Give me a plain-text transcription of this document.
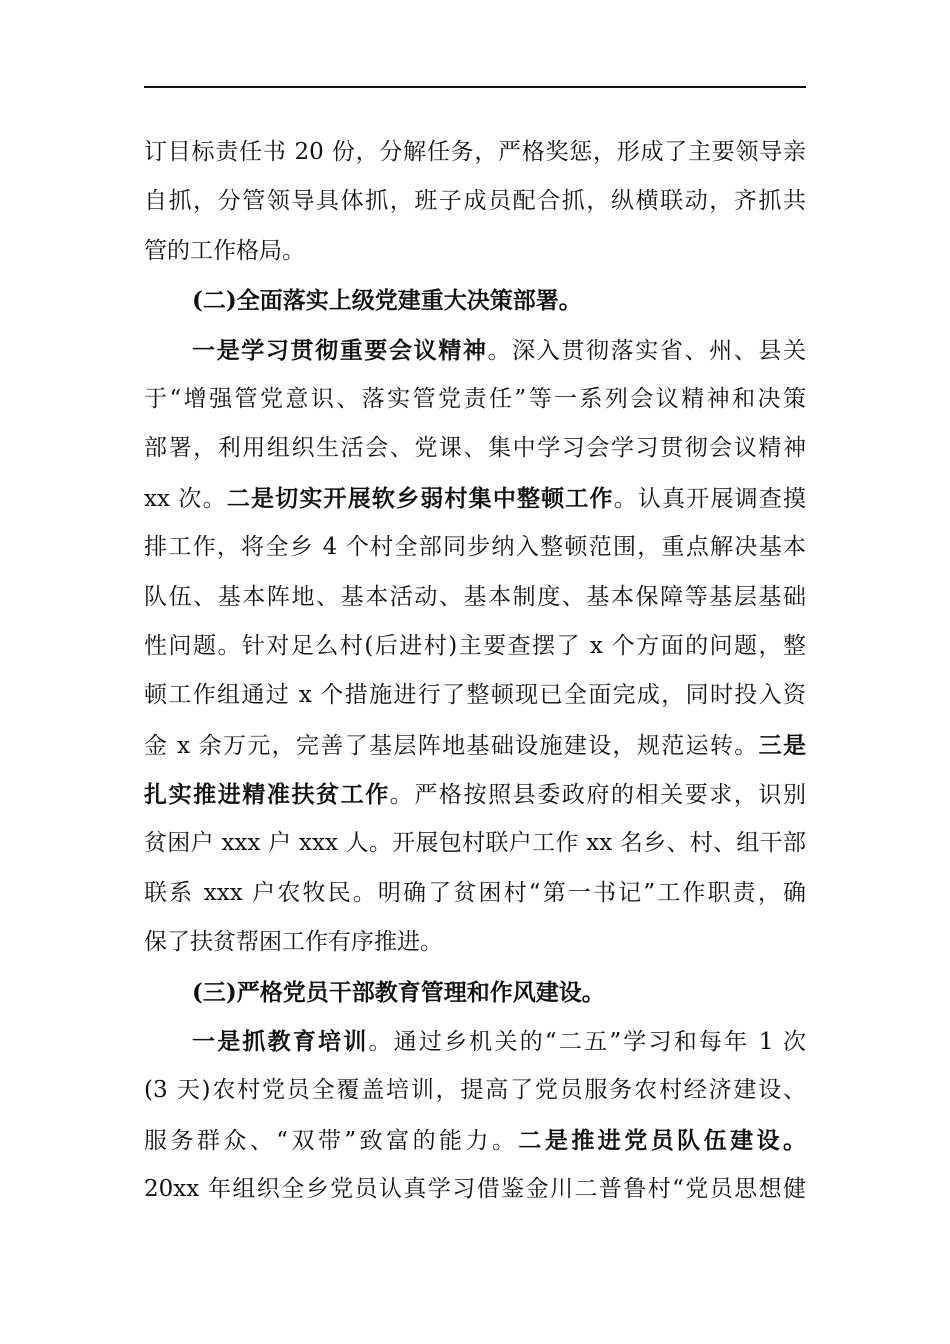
订目标责任书 20 份，分解任务，严格奖惩，形成了主要领导亲
自抓，分管领导具体抓，班子成员配合抓，纵横联动，齐抓共
管的工作格局。
(二)全面落实上级党建重大决策部署。
一是学习贯彻重要会议精神。深入贯彻落实省、州、县关
于“增强管党意识、落实管党责任”等一系列会议精神和决策
部署，利用组织生活会、党课、集中学习会学习贯彻会议精神
xx 次。二是切实开展软乡弱村集中整顿工作。认真开展调查摸
排工作，将全乡 4 个村全部同步纳入整顿范围，重点解决基本
队伍、基本阵地、基本活动、基本制度、基本保障等基层基础
性问题。针对足么村(后进村)主要查摆了 x 个方面的问题，整
顿工作组通过 x 个措施进行了整顿现已全面完成，同时投入资
金 x 余万元，完善了基层阵地基础设施建设，规范运转。三是
扎实推进精准扶贫工作。严格按照县委政府的相关要求，识别
贫困户 xxx 户 xxx 人。开展包村联户工作 xx 名乡、村、组干部
联系 xxx 户农牧民。明确了贫困村“第一书记”工作职责，确
保了扶贫帮困工作有序推进。
(三)严格党员干部教育管理和作风建设。
一是抓教育培训。通过乡机关的“二五”学习和每年 1 次
(3 天)农村党员全覆盖培训，提高了党员服务农村经济建设、
服务群众、“双带”致富的能力。二是推进党员队伍建设。
20xx 年组织全乡党员认真学习借鉴金川二普鲁村“党员思想健
